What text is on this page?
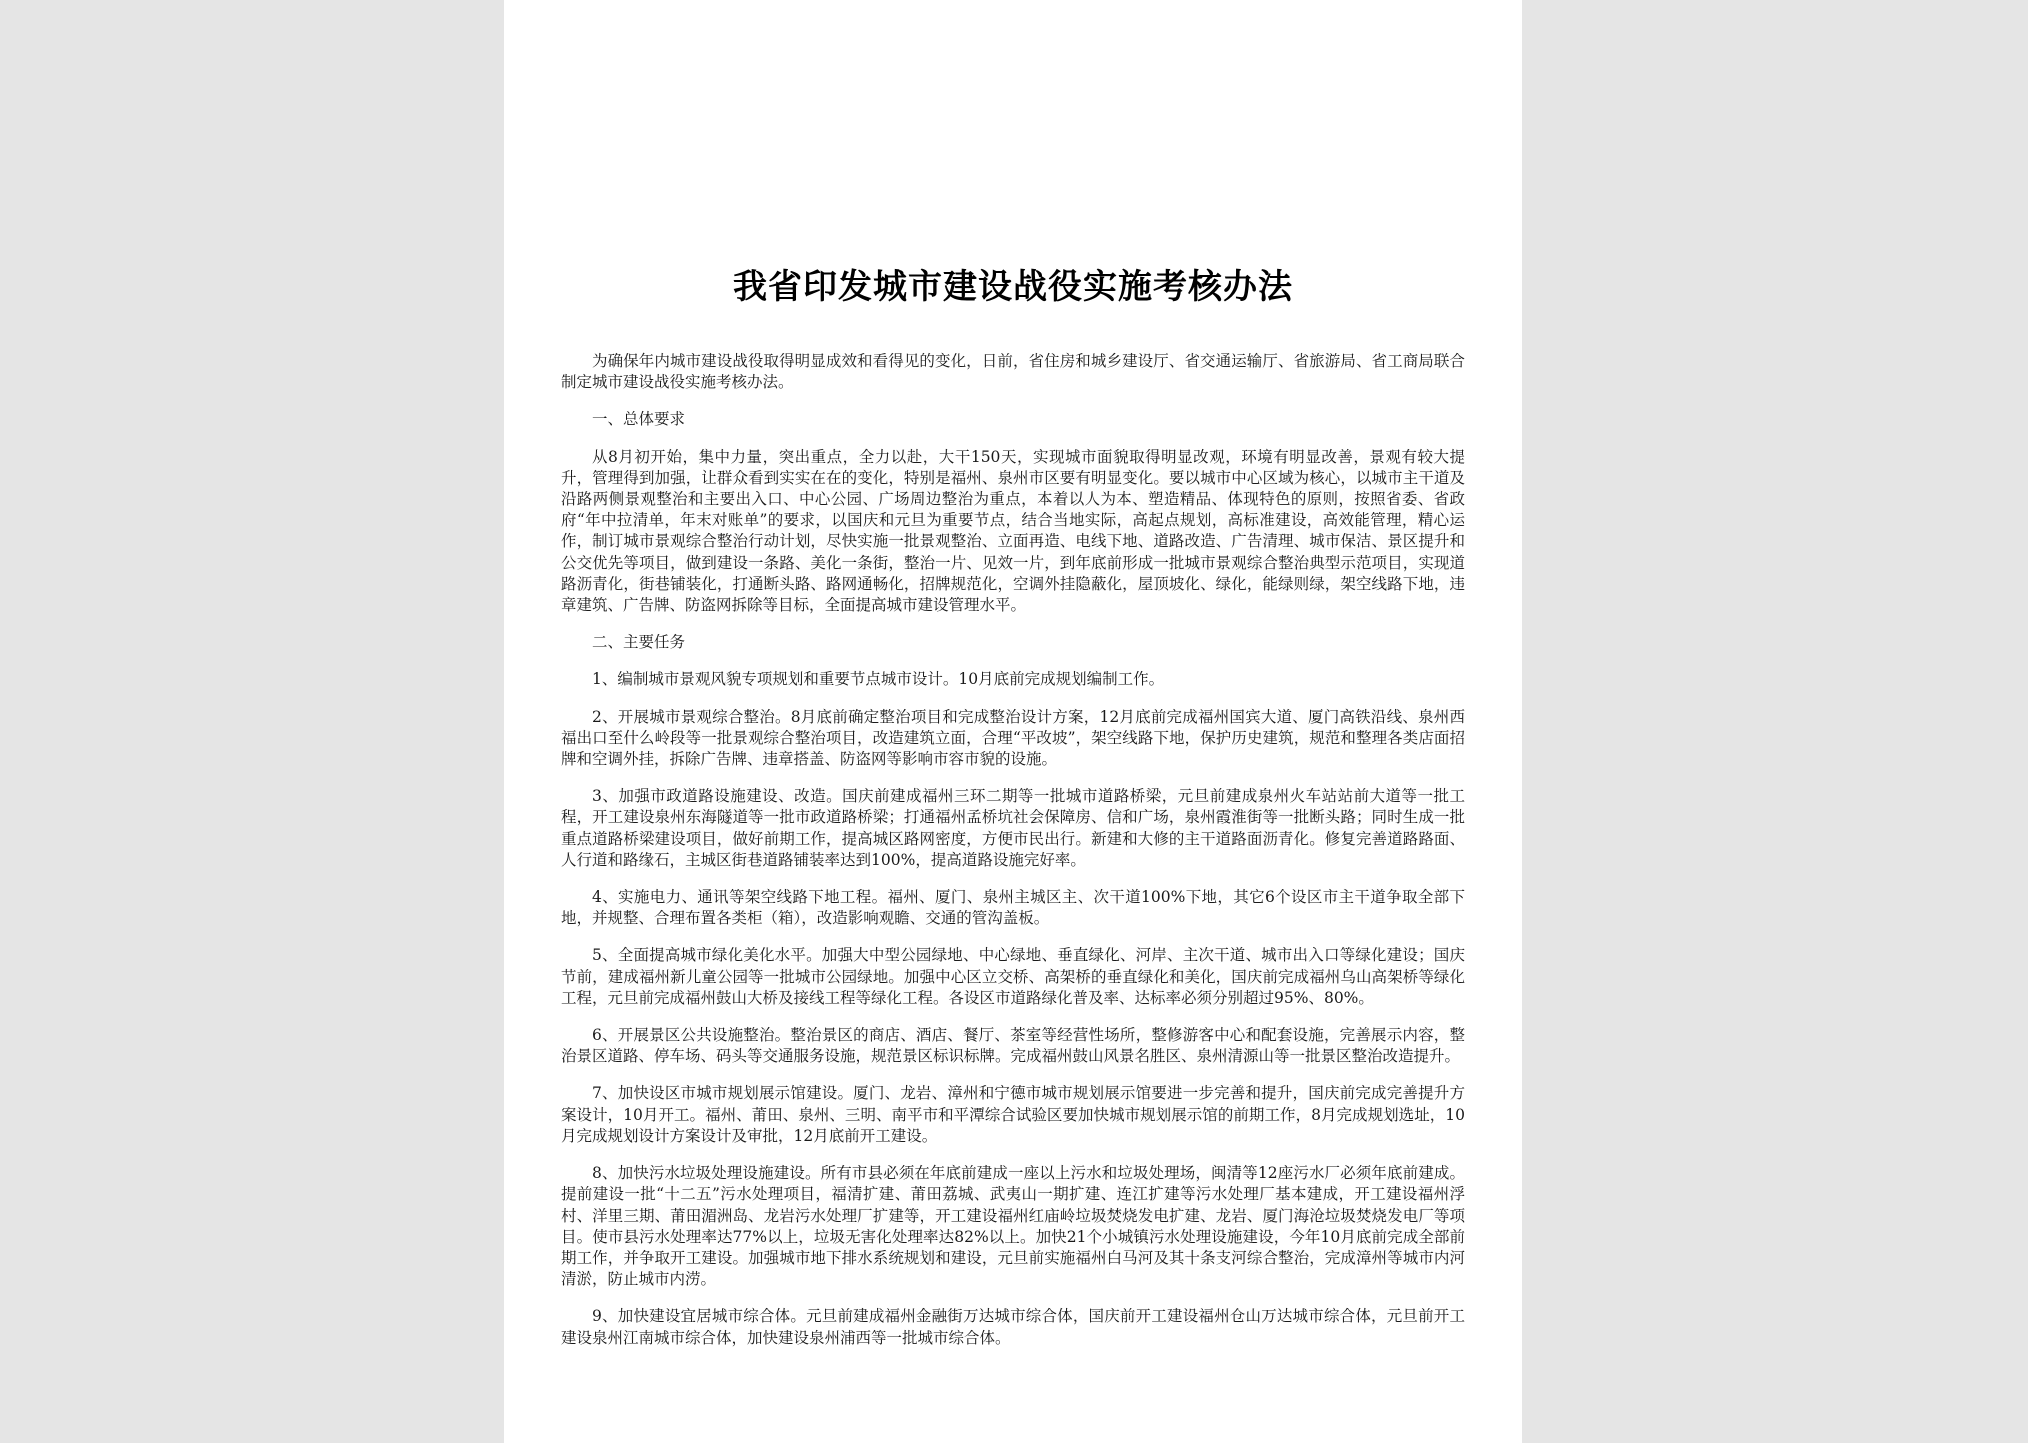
我省印发城市建设战役实施考核办法

为确保年内城市建设战役取得明显成效和看得见的变化，日前，省住房和城乡建设厅、省交通运输厅、省旅游局、省工商局联合制定城市建设战役实施考核办法。

一、总体要求

从8月初开始，集中力量，突出重点，全力以赴，大干150天，实现城市面貌取得明显改观，环境有明显改善，景观有较大提升，管理得到加强，让群众看到实实在在的变化，特别是福州、泉州市区要有明显变化。要以城市中心区域为核心，以城市主干道及沿路两侧景观整治和主要出入口、中心公园、广场周边整治为重点，本着以人为本、塑造精品、体现特色的原则，按照省委、省政府“年中拉清单，年末对账单”的要求，以国庆和元旦为重要节点，结合当地实际，高起点规划，高标准建设，高效能管理，精心运作，制订城市景观综合整治行动计划，尽快实施一批景观整治、立面再造、电线下地、道路改造、广告清理、城市保洁、景区提升和公交优先等项目，做到建设一条路、美化一条街，整治一片、见效一片，到年底前形成一批城市景观综合整治典型示范项目，实现道路沥青化，街巷铺装化，打通断头路、路网通畅化，招牌规范化，空调外挂隐蔽化，屋顶坡化、绿化，能绿则绿，架空线路下地，违章建筑、广告牌、防盗网拆除等目标，全面提高城市建设管理水平。

二、主要任务

1、编制城市景观风貌专项规划和重要节点城市设计。10月底前完成规划编制工作。

2、开展城市景观综合整治。8月底前确定整治项目和完成整治设计方案，12月底前完成福州国宾大道、厦门高铁沿线、泉州西福出口至什么岭段等一批景观综合整治项目，改造建筑立面，合理“平改坡”，架空线路下地，保护历史建筑，规范和整理各类店面招牌和空调外挂，拆除广告牌、违章搭盖、防盗网等影响市容市貌的设施。

3、加强市政道路设施建设、改造。国庆前建成福州三环二期等一批城市道路桥梁，元旦前建成泉州火车站站前大道等一批工程，开工建设泉州东海隧道等一批市政道路桥梁；打通福州孟桥坑社会保障房、信和广场，泉州霞淮街等一批断头路；同时生成一批重点道路桥梁建设项目，做好前期工作，提高城区路网密度，方便市民出行。新建和大修的主干道路面沥青化。修复完善道路路面、人行道和路缘石，主城区街巷道路铺装率达到100%，提高道路设施完好率。

4、实施电力、通讯等架空线路下地工程。福州、厦门、泉州主城区主、次干道100%下地，其它6个设区市主干道争取全部下地，并规整、合理布置各类柜（箱），改造影响观瞻、交通的管沟盖板。

5、全面提高城市绿化美化水平。加强大中型公园绿地、中心绿地、垂直绿化、河岸、主次干道、城市出入口等绿化建设；国庆节前，建成福州新儿童公园等一批城市公园绿地。加强中心区立交桥、高架桥的垂直绿化和美化，国庆前完成福州乌山高架桥等绿化工程，元旦前完成福州鼓山大桥及接线工程等绿化工程。各设区市道路绿化普及率、达标率必须分别超过95%、80%。

6、开展景区公共设施整治。整治景区的商店、酒店、餐厅、茶室等经营性场所，整修游客中心和配套设施，完善展示内容，整治景区道路、停车场、码头等交通服务设施，规范景区标识标牌。完成福州鼓山风景名胜区、泉州清源山等一批景区整治改造提升。

7、加快设区市城市规划展示馆建设。厦门、龙岩、漳州和宁德市城市规划展示馆要进一步完善和提升，国庆前完成完善提升方案设计，10月开工。福州、莆田、泉州、三明、南平市和平潭综合试验区要加快城市规划展示馆的前期工作，8月完成规划选址，10月完成规划设计方案设计及审批，12月底前开工建设。

8、加快污水垃圾处理设施建设。所有市县必须在年底前建成一座以上污水和垃圾处理场，闽清等12座污水厂必须年底前建成。提前建设一批“十二五”污水处理项目，福清扩建、莆田荔城、武夷山一期扩建、连江扩建等污水处理厂基本建成，开工建设福州浮村、洋里三期、莆田湄洲岛、龙岩污水处理厂扩建等，开工建设福州红庙岭垃圾焚烧发电扩建、龙岩、厦门海沧垃圾焚烧发电厂等项目。使市县污水处理率达77%以上，垃圾无害化处理率达82%以上。加快21个小城镇污水处理设施建设，今年10月底前完成全部前期工作，并争取开工建设。加强城市地下排水系统规划和建设，元旦前实施福州白马河及其十条支河综合整治，完成漳州等城市内河清淤，防止城市内涝。

9、加快建设宜居城市综合体。元旦前建成福州金融街万达城市综合体，国庆前开工建设福州仓山万达城市综合体，元旦前开工建设泉州江南城市综合体，加快建设泉州浦西等一批城市综合体。
